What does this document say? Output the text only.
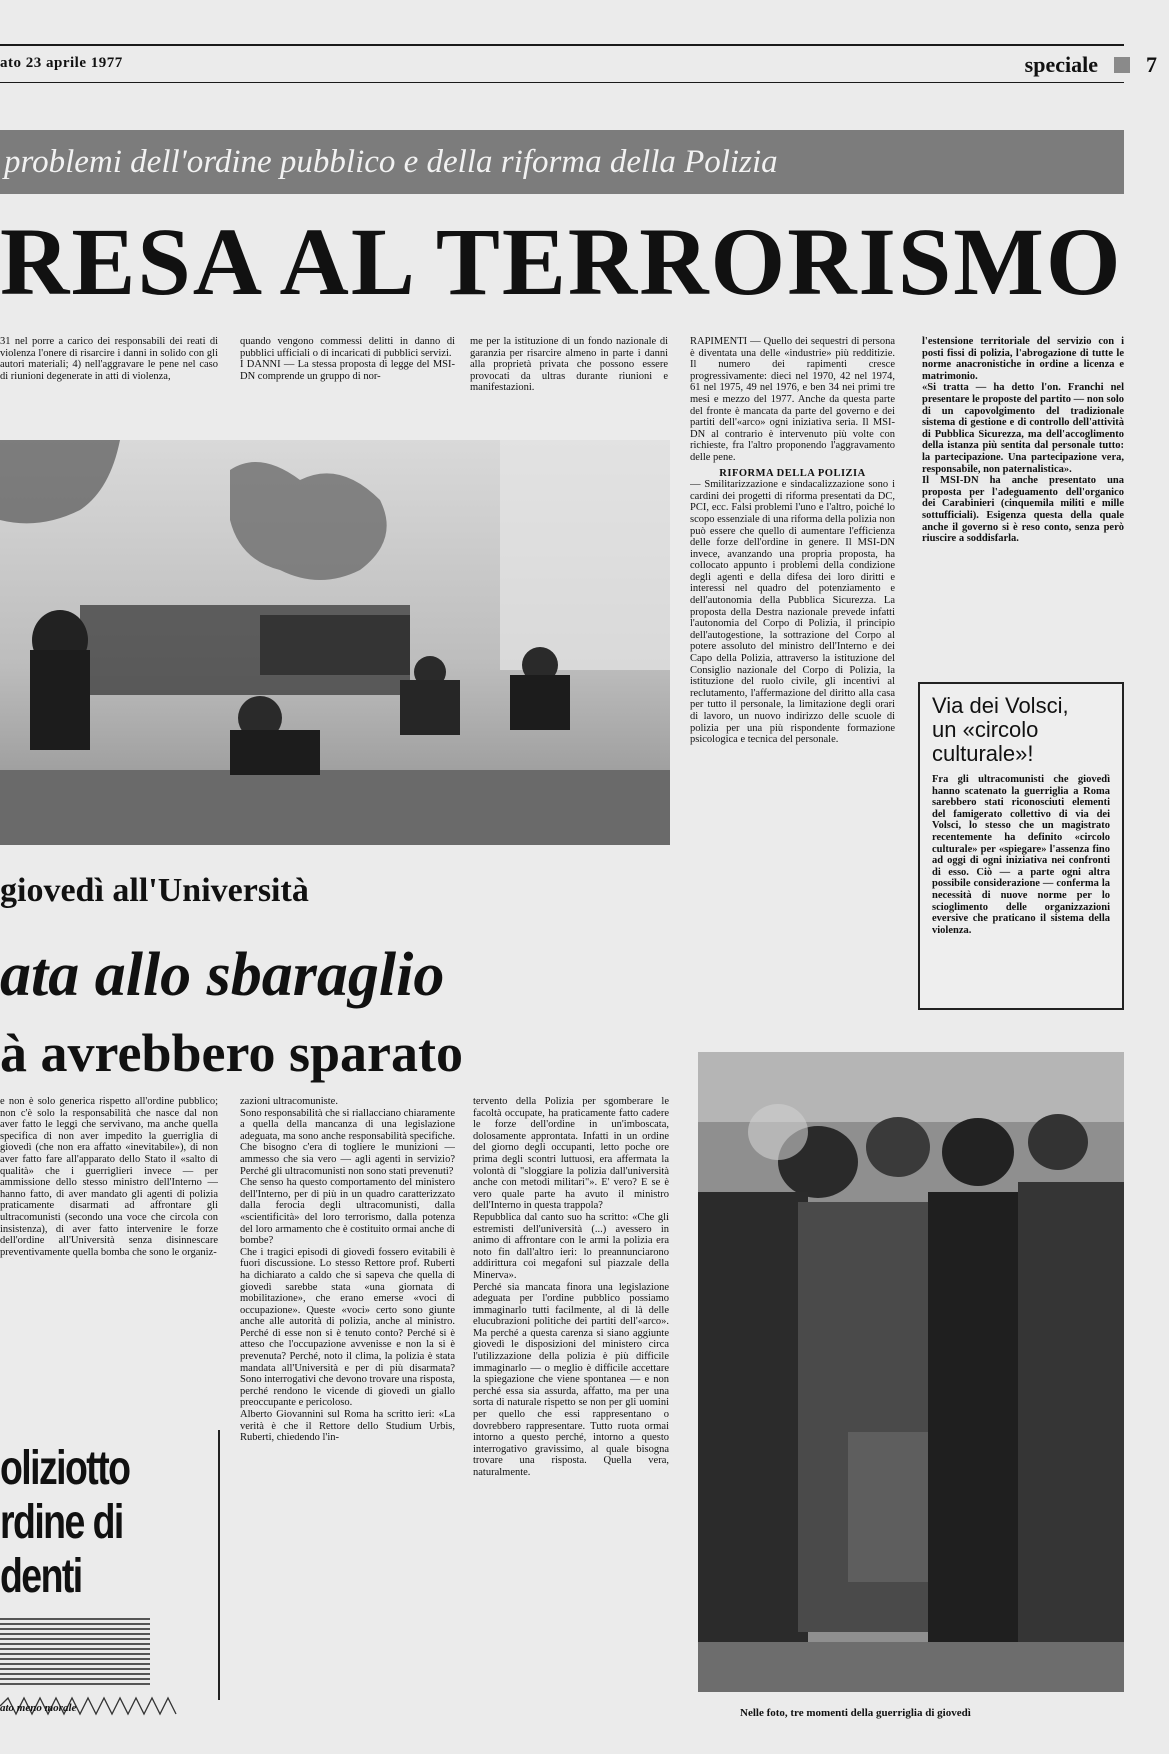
ato 23 aprile 1977	speciale 7
problemi dell'ordine pubblico e della riforma della Polizia
RESA AL TERRORISMO
31 nel porre a carico dei responsabili dei reati di violenza l'onere di risarcire i danni in solido con gli autori materiali; 4) nell'aggravare le pene nel caso di riunioni degenerate in atti di violenza,
quando vengono commessi delitti in danno di pubblici ufficiali o di incaricati di pubblici servizi.
I DANNI — La stessa proposta di legge del MSI-DN comprende un gruppo di nor-
me per la istituzione di un fondo nazionale di garanzia per risarcire almeno in parte i danni alla proprietà privata che possono essere provocati da ultras durante riunioni e manifestazioni.

RAPIMENTI — Quello dei sequestri di persona è diventata una delle «industrie» più redditizie. Il numero dei rapimenti cresce progressivamente: dieci nel 1970, 42 nel 1974, 61 nel 1975, 49 nel 1976, e ben 34 nei primi tre mesi e mezzo del 1977. Anche da questa parte del fronte è mancata da parte del governo e dei partiti dell'«arco» ogni iniziativa seria. Il MSI-DN al contrario è intervenuto più volte con richieste, fra l'altro proponendo l'aggravamento delle pene.

RIFORMA DELLA POLIZIA

— Smilitarizzazione e sindacalizzazione sono i cardini dei progetti di riforma presentati da DC, PCI, ecc. Falsi problemi l'uno e l'altro, poiché lo scopo essenziale di una riforma della polizia non può essere che quello di aumentare l'efficienza delle forze dell'ordine in genere. Il MSI-DN invece, avanzando una propria proposta, ha collocato appunto i problemi della condizione degli agenti e della difesa dei loro diritti e interessi nel quadro del potenziamento e dell'autonomia della Pubblica Sicurezza. La proposta della Destra nazionale prevede infatti l'autonomia del Corpo di Polizia, il principio dell'autogestione, la sottrazione del Corpo al potere assoluto del ministro dell'Interno e dei Capo della Polizia, attraverso la istituzione del Consiglio nazionale del Corpo di Polizia, la istituzione del ruolo civile, gli incentivi al reclutamento, l'affermazione del diritto alla casa per tutto il personale, la limitazione degli orari di lavoro, un nuovo indirizzo delle scuole di polizia per una più rispondente formazione psicologica e tecnica del personale.

l'estensione territoriale del servizio con i posti fissi di polizia, l'abrogazione di tutte le norme anacronistiche in ordine a licenza e matrimonio.
«Si tratta — ha detto l'on. Franchi nel presentare le proposte del partito — non solo di un capovolgimento del tradizionale sistema di gestione e di controllo dell'attività di Pubblica Sicurezza, ma dell'accoglimento della istanza più sentita dal personale tutto: la partecipazione. Una partecipazione vera, responsabile, non paternalistica».
Il MSI-DN ha anche presentato una proposta per l'adeguamento dell'organico dei Carabinieri (cinquemila militi e mille sottufficiali). Esigenza questa della quale anche il governo si è reso conto, senza però riuscire a soddisfarla.
Via dei Volsci,
un «circolo
culturale»!
Fra gli ultracomunisti che giovedì hanno scatenato la guerriglia a Roma sarebbero stati riconosciuti elementi del famigerato collettivo di via dei Volsci, lo stesso che un magistrato recentemente ha definito «circolo culturale» per «spiegare» l'assenza fino ad oggi di ogni iniziativa nei confronti di esso. Ciò — a parte ogni altra possibile considerazione — conferma la necessità di nuove norme per lo scioglimento delle organizzazioni eversive che praticano il sistema della violenza.
giovedì all'Università
ata allo sbaraglio
à avrebbero sparato
e non è solo generica rispetto all'ordine pubblico; non c'è solo la responsabilità che nasce dal non aver fatto le leggi che servivano, ma anche quella specifica di non aver impedito la guerriglia di giovedì (che non era affatto «inevitabile»), di non aver fatto fare all'apparato dello Stato il «salto di qualità» che i guerriglieri invece — per ammissione dello stesso ministro dell'Interno — hanno fatto, di aver mandato gli agenti di polizia praticamente disarmati ad affrontare gli ultracomunisti (secondo una voce che circola con insistenza), di aver fatto intervenire le forze dell'ordine all'Università senza disinnescare preventivamente quella bomba che sono le organiz-
zazioni ultracomuniste.
Sono responsabilità che si riallacciano chiaramente a quella della mancanza di una legislazione adeguata, ma sono anche responsabilità specifiche. Che bisogno c'era di togliere le munizioni — ammesso che sia vero — agli agenti in servizio? Perché gli ultracomunisti non sono stati prevenuti?
Che senso ha questo comportamento del ministero dell'Interno, per di più in un quadro caratterizzato dalla ferocia degli ultracomunisti, dalla «scientificità» del loro terrorismo, dalla potenza del loro armamento che è costituito ormai anche di bombe?
Che i tragici episodi di giovedì fossero evitabili è fuori discussione. Lo stesso Rettore prof. Ruberti ha dichiarato a caldo che si sapeva che quella di giovedì sarebbe stata «una giornata di mobilitazione», che erano emerse «voci di occupazione». Queste «voci» certo sono giunte anche alle autorità di polizia, anche al ministro. Perché di esse non si è tenuto conto? Perché si è atteso che l'occupazione avvenisse e non la si è prevenuta? Perché, noto il clima, la polizia è stata mandata all'Università e per di più disarmata? Sono interrogativi che devono trovare una risposta, perché rendono le vicende di giovedì un giallo preoccupante e pericoloso.
Alberto Giovannini sul Roma ha scritto ieri: «La verità è che il Rettore dello Studium Urbis, Ruberti, chiedendo l'in-
tervento della Polizia per sgomberare le facoltà occupate, ha praticamente fatto cadere le forze dell'ordine in un'imboscata, dolosamente approntata. Infatti in un ordine del giorno degli occupanti, letto poche ore prima degli scontri luttuosi, era affermata la volontà di "sloggiare la polizia dall'università anche con metodi militari"». E' vero? E se è vero quale parte ha avuto il ministro dell'Interno in questa trappola?
Repubblica dal canto suo ha scritto: «Che gli estremisti dell'università (...) avessero in animo di affrontare con le armi la polizia era noto fin dall'altro ieri: lo preannunciarono addirittura coi megafoni sul piazzale della Minerva».
Perché sia mancata finora una legislazione adeguata per l'ordine pubblico possiamo immaginarlo tutti facilmente, al di là delle elucubrazioni politiche dei partiti dell'«arco». Ma perché a questa carenza si siano aggiunte giovedì le disposizioni del ministero circa l'utilizzazione della polizia è più difficile immaginarlo — o meglio è difficile accettare la spiegazione che viene spontanea — e non perché essa sia assurda, affatto, ma per una sorta di naturale rispetto se non per gli uomini per quello che essi rappresentano o dovrebbero rappresentare. Tutto ruota ormai intorno a questo perché, intorno a questo interrogativo gravissimo, al quale bisogna trovare una risposta. Quella vera, naturalmente.
oliziotto
rdine di
denti
ato meno morale	Nelle foto, tre momenti della guerriglia di giovedì
